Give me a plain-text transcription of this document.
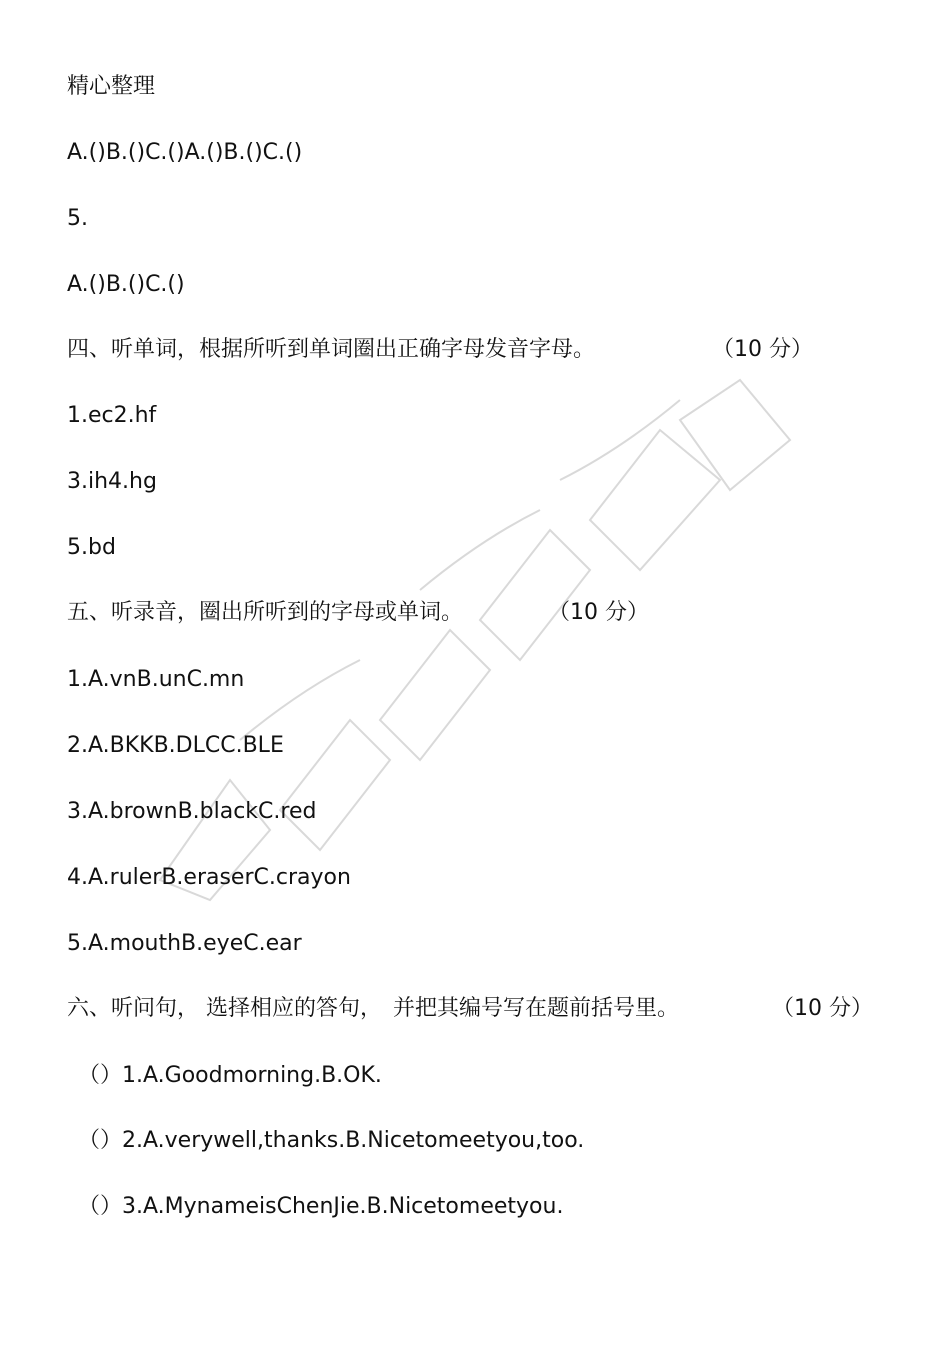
精心整理
A.()B.()C.()A.()B.()C.()
5.
A.()B.()C.()
四、听单词，根据所听到单词圈出正确字母发音字母。	（10 分）
1.ec2.hf
3.ih4.hg
5.bd
五、听录音，圈出所听到的字母或单词。	（10 分）
1.A.vnB.unC.mn
2.A.BKKB.DLCC.BLE
3.A.brownB.blackC.red
4.A.rulerB.eraserC.crayon
5.A.mouthB.eyeC.ear
六、听问句， 选择相应的答句，　并把其编号写在题前括号里。	（10 分）
（）1.A.Goodmorning.B.OK.
（）2.A.verywell,thanks.B.Nicetomeetyou,too.
（）3.A.MynameisChenJie.B.Nicetomeetyou.
